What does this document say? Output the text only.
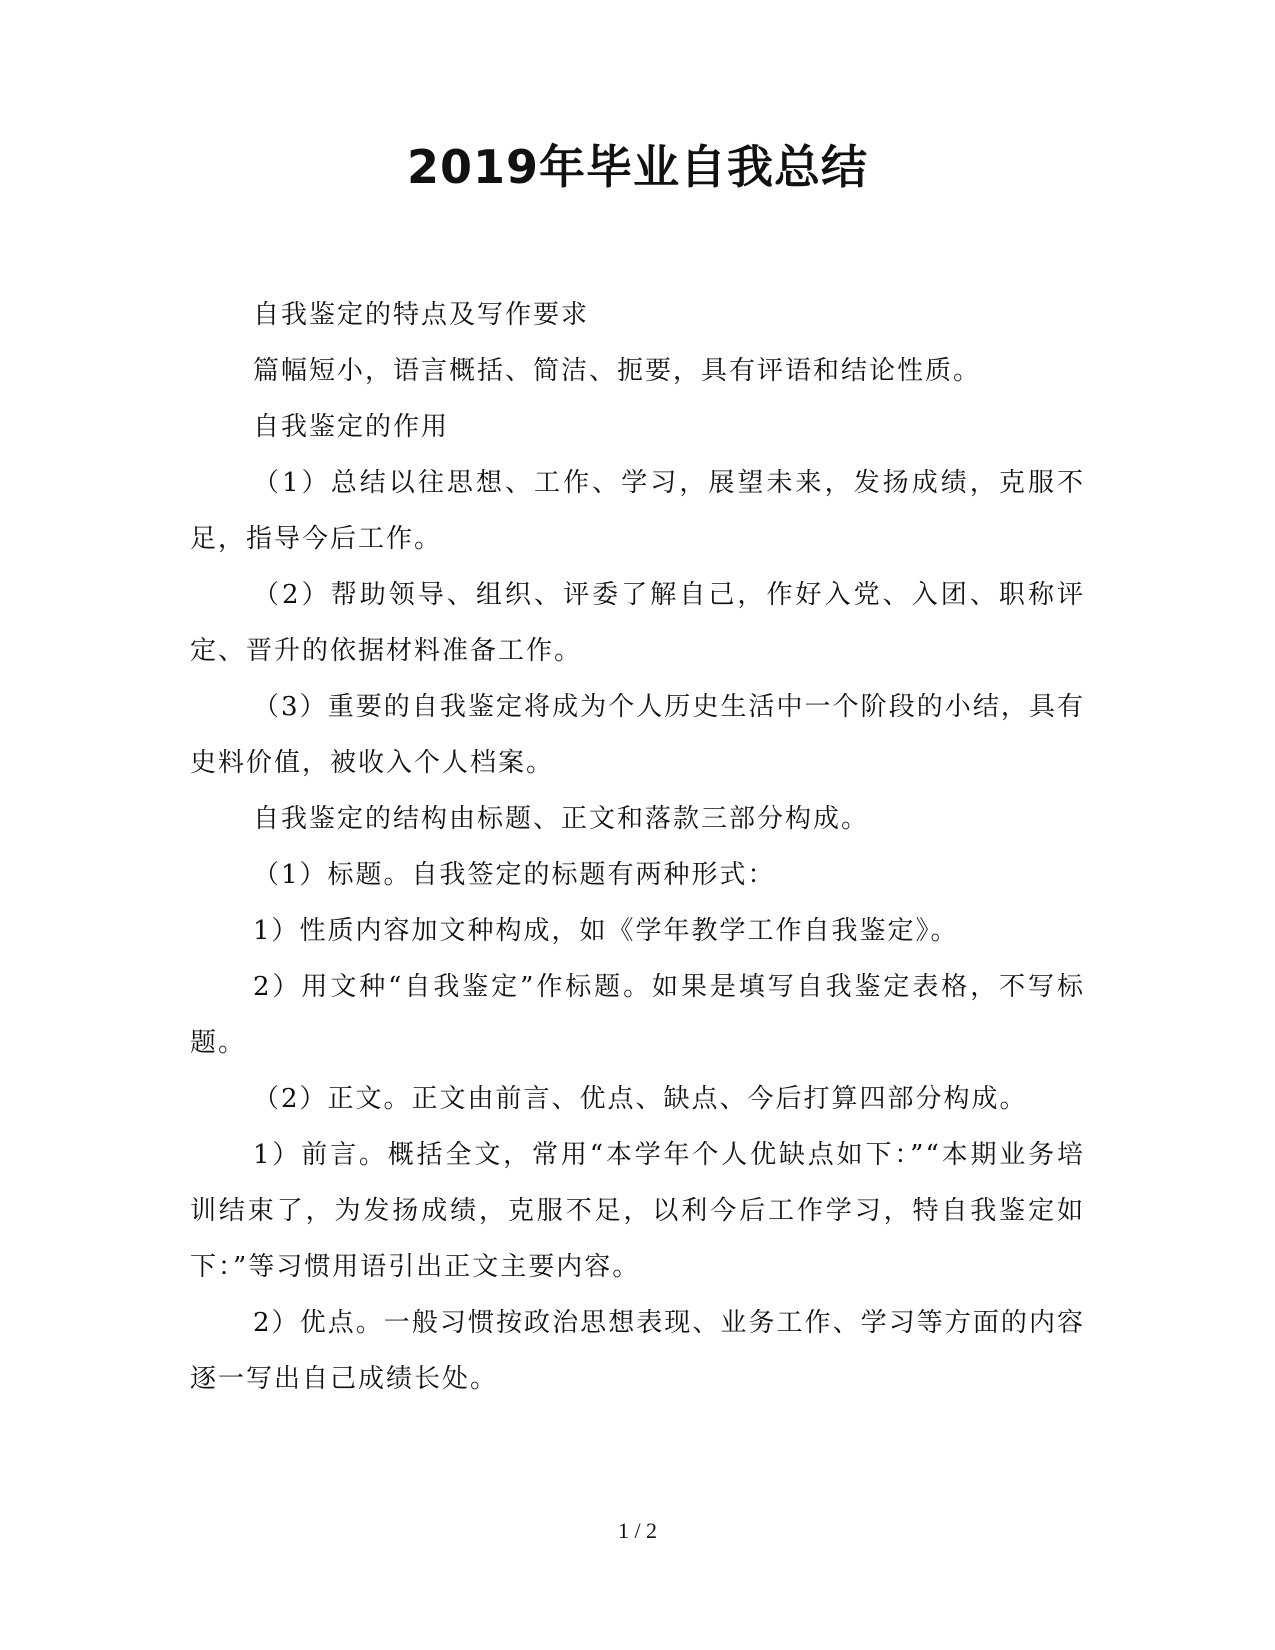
2019年毕业自我总结

自我鉴定的特点及写作要求

篇幅短小，语言概括、简洁、扼要，具有评语和结论性质。

自我鉴定的作用

（1）总结以往思想、工作、学习，展望未来，发扬成绩，克服不足，指导今后工作。

（2）帮助领导、组织、评委了解自己，作好入党、入团、职称评定、晋升的依据材料准备工作。

（3）重要的自我鉴定将成为个人历史生活中一个阶段的小结，具有史料价值，被收入个人档案。

自我鉴定的结构由标题、正文和落款三部分构成。

（1）标题。自我签定的标题有两种形式：

1）性质内容加文种构成，如《学年教学工作自我鉴定》。

2）用文种“自我鉴定”作标题。如果是填写自我鉴定表格，不写标题。

（2）正文。正文由前言、优点、缺点、今后打算四部分构成。

1）前言。概括全文，常用“本学年个人优缺点如下：”“本期业务培训结束了，为发扬成绩，克服不足，以利今后工作学习，特自我鉴定如下：”等习惯用语引出正文主要内容。

2）优点。一般习惯按政治思想表现、业务工作、学习等方面的内容逐一写出自己成绩长处。

1 / 2
